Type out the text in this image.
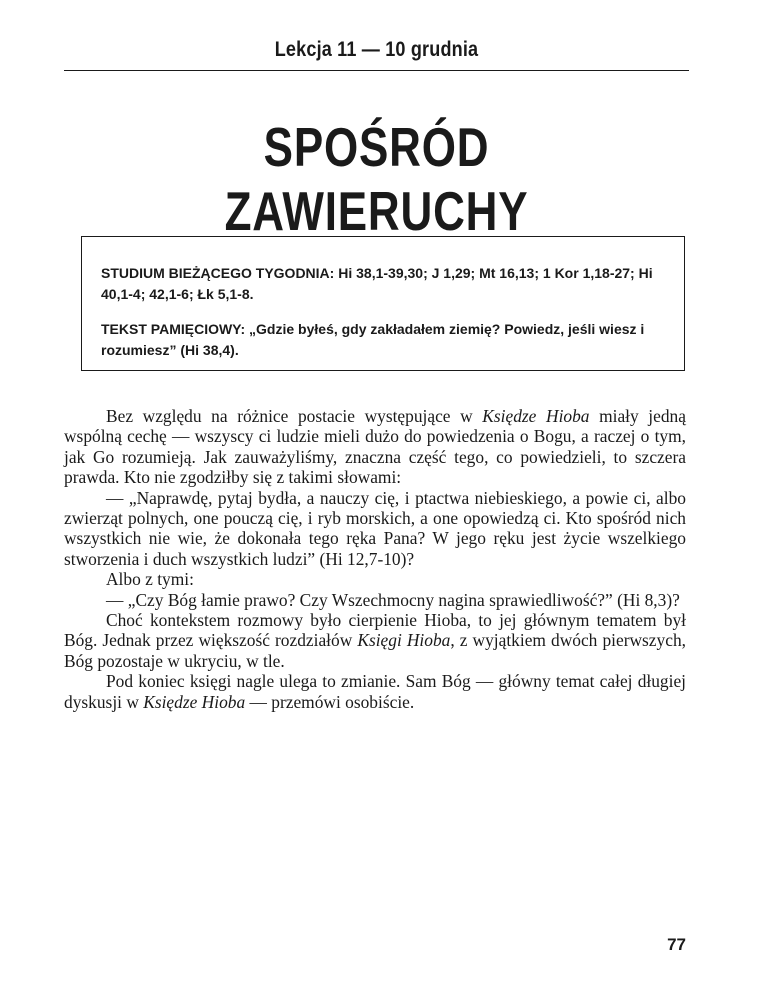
Lekcja 11 — 10 grudnia
SPOŚRÓD ZAWIERUCHY

STUDIUM BIEŻĄCEGO TYGODNIA: Hi 38,1-39,30; J 1,29; Mt 16,13; 1 Kor 1,18-27; Hi 40,1-4; 42,1-6; Łk 5,1-8.

TEKST PAMIĘCIOWY: „Gdzie byłeś, gdy zakładałem ziemię? Powiedz, jeśli wiesz i rozumiesz” (Hi 38,4).

Bez względu na różnice postacie występujące w Księdze Hioba miały jedną wspólną cechę — wszyscy ci ludzie mieli dużo do powiedzenia o Bogu, a raczej o tym, jak Go rozumieją. Jak zauważyliśmy, znaczna część tego, co powiedzieli, to szczera prawda. Kto nie zgodziłby się z takimi słowami:

— „Naprawdę, pytaj bydła, a nauczy cię, i ptactwa niebieskiego, a powie ci, albo zwierząt polnych, one pouczą cię, i ryb morskich, a one opowiedzą ci. Kto spośród nich wszystkich nie wie, że dokonała tego ręka Pana? W jego ręku jest życie wszelkiego stworzenia i duch wszystkich ludzi” (Hi 12,7-10)?

Albo z tymi:

— „Czy Bóg łamie prawo? Czy Wszechmocny nagina sprawiedliwość?” (Hi 8,3)?

Choć kontekstem rozmowy było cierpienie Hioba, to jej głównym tematem był Bóg. Jednak przez większość rozdziałów Księgi Hioba, z wyjątkiem dwóch pierwszych, Bóg pozostaje w ukryciu, w tle.

Pod koniec księgi nagle ulega to zmianie. Sam Bóg — główny temat całej długiej dyskusji w Księdze Hioba — przemówi osobiście.

77
